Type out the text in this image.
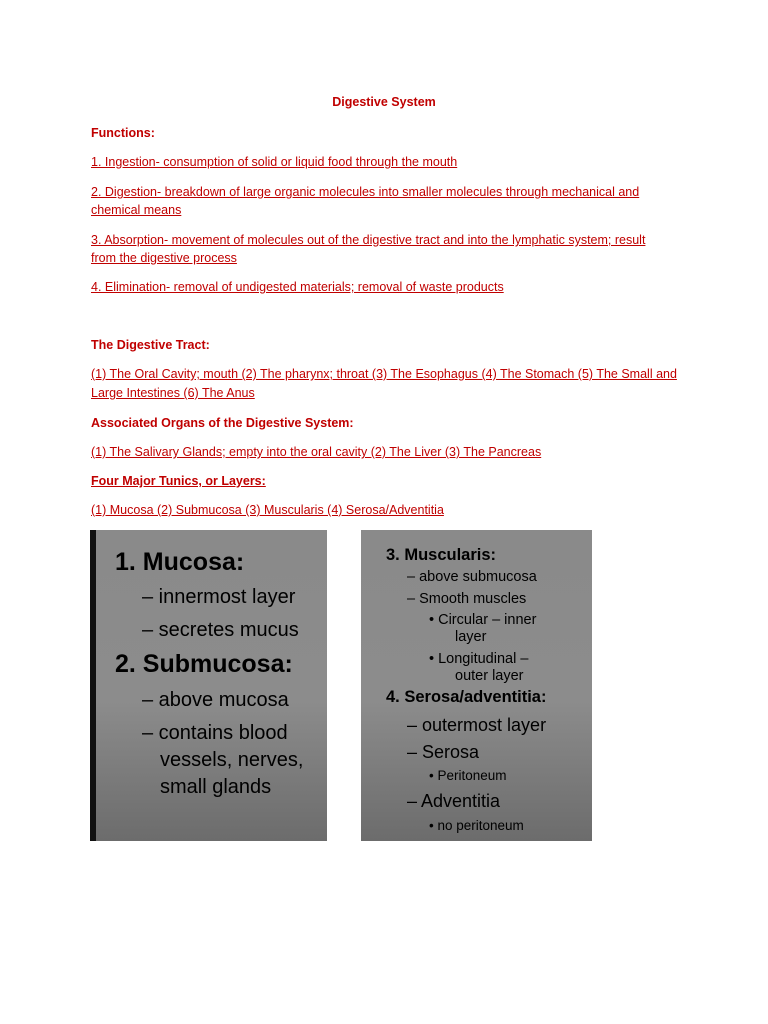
Digestive System
Functions:
1. Ingestion- consumption of solid or liquid food through the mouth
2. Digestion- breakdown of large organic molecules into smaller molecules through mechanical and
chemical means
3. Absorption- movement of molecules out of the digestive tract and into the lymphatic system; result
from the digestive process
4. Elimination- removal of undigested materials; removal of waste products
The Digestive Tract:
(1) The Oral Cavity; mouth (2) The pharynx; throat (3) The Esophagus (4) The Stomach (5) The Small and
Large Intestines (6) The Anus
Associated Organs of the Digestive System:
(1) The Salivary Glands; empty into the oral cavity (2) The Liver (3) The Pancreas
Four Major Tunics, or Layers:
(1) Mucosa (2) Submucosa (3) Muscularis (4) Serosa/Adventitia
1. Mucosa:
– innermost layer
– secretes mucus
2. Submucosa:
– above mucosa
– contains blood
vessels, nerves,
small glands
3. Muscularis:
– above submucosa
– Smooth muscles
• Circular – inner
layer
• Longitudinal –
outer layer
4. Serosa/adventitia:
– outermost layer
– Serosa
• Peritoneum
– Adventitia
• no peritoneum
